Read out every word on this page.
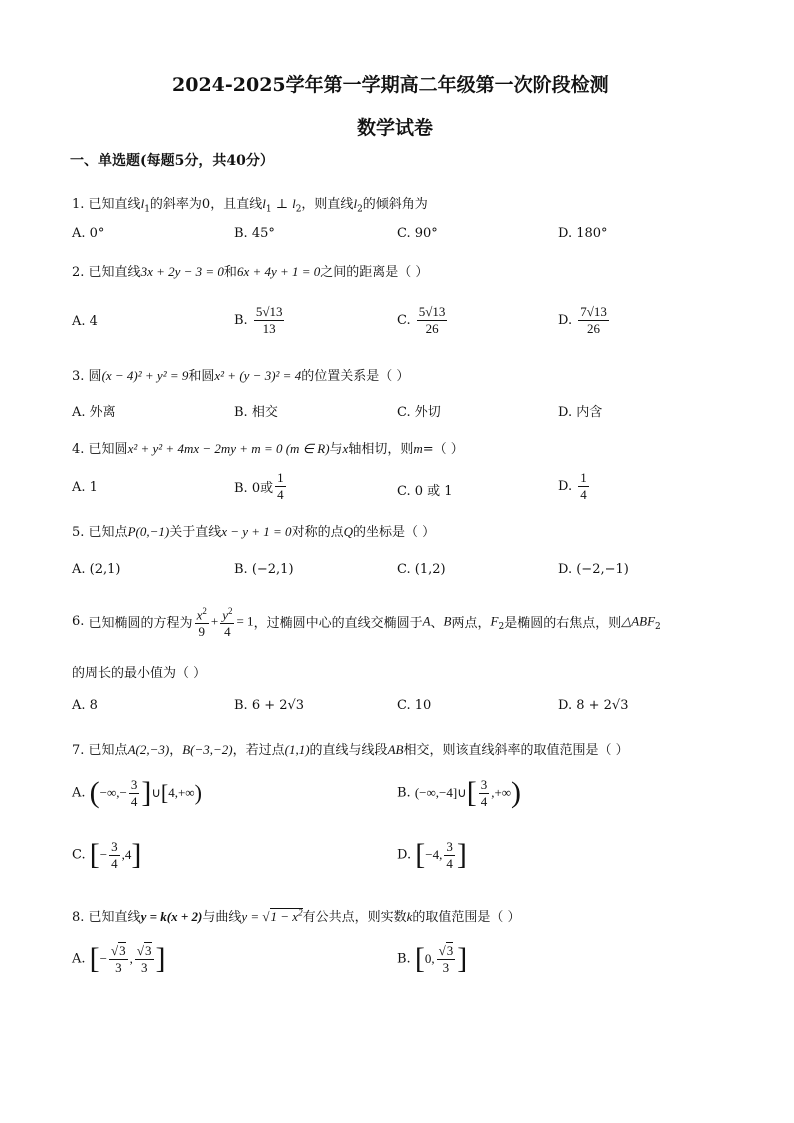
2024-2025学年第一学期高二年级第一次阶段检测
数学试卷
一、单选题(每题5分，共40分）
1. 已知直线$l_1$的斜率为0，且直线$l_1$ ⊥ $l_2$，则直线$l_2$的倾斜角为
A. 0°	B. 45°	C. 90°	D. 180°
2. 已知直线3x + 2y − 3 = 0和6x + 4y + 1 = 0之间的距离是（ ）
A. 4	B. $\frac{5√13}{13}$	C. $\frac{5√13}{26}$	D. $\frac{7√13}{26}$
3. 圆(x − 4)² + y² = 9和圆x² + (y − 3)² = 4的位置关系是（ ）
A. 外离	B. 相交	C. 外切	D. 内含
4. 已知圆x² + y² + 4mx − 2my + m = 0 (m ∈ R)与x轴相切，则m=（ ）
A. 1	B. 0或 $\frac{1}{4}$	C. 0 或 1	D. $\frac{1}{4}$
5. 已知点P(0,−1)关于直线x − y + 1 = 0对称的点Q的坐标是（ ）
A. (2,1)	B. (−2,1)	C. (1,2)	D. (−2,−1)
6. 已知椭圆的方程为 $\frac{x^2}{9} + \frac{y^2}{4} = 1$，过椭圆中心的直线交椭圆于A、B两点，$F_2$是椭圆的右焦点，则$\triangle ABF_2$
的周长的最小值为（ ）
A. 8	B. 6 + 2√3	C. 10	D. 8 + 2√3
7. 已知点A(2,−3)，B(−3,−2)，若过点(1,1)的直线与线段AB相交，则该直线斜率的取值范围是（ ）
A. (−∞,− $\frac{3}{4}$ ]∪[4,+∞)	B. (−∞,−4]∪[ $\frac{3}{4}$ ,+∞)
C. [− $\frac{3}{4} ,4$]	D. [−4, $\frac{3}{4}$ ]
8. 已知直线y = k(x + 2)与曲线$y = √1 - x^2$有公共点，则实数k的取值范围是（ ）
A. [− $\frac{√3}{3}$ , $\frac{√3}{3}$ ]	B. [0, $\frac{√3}{3}$ ]
